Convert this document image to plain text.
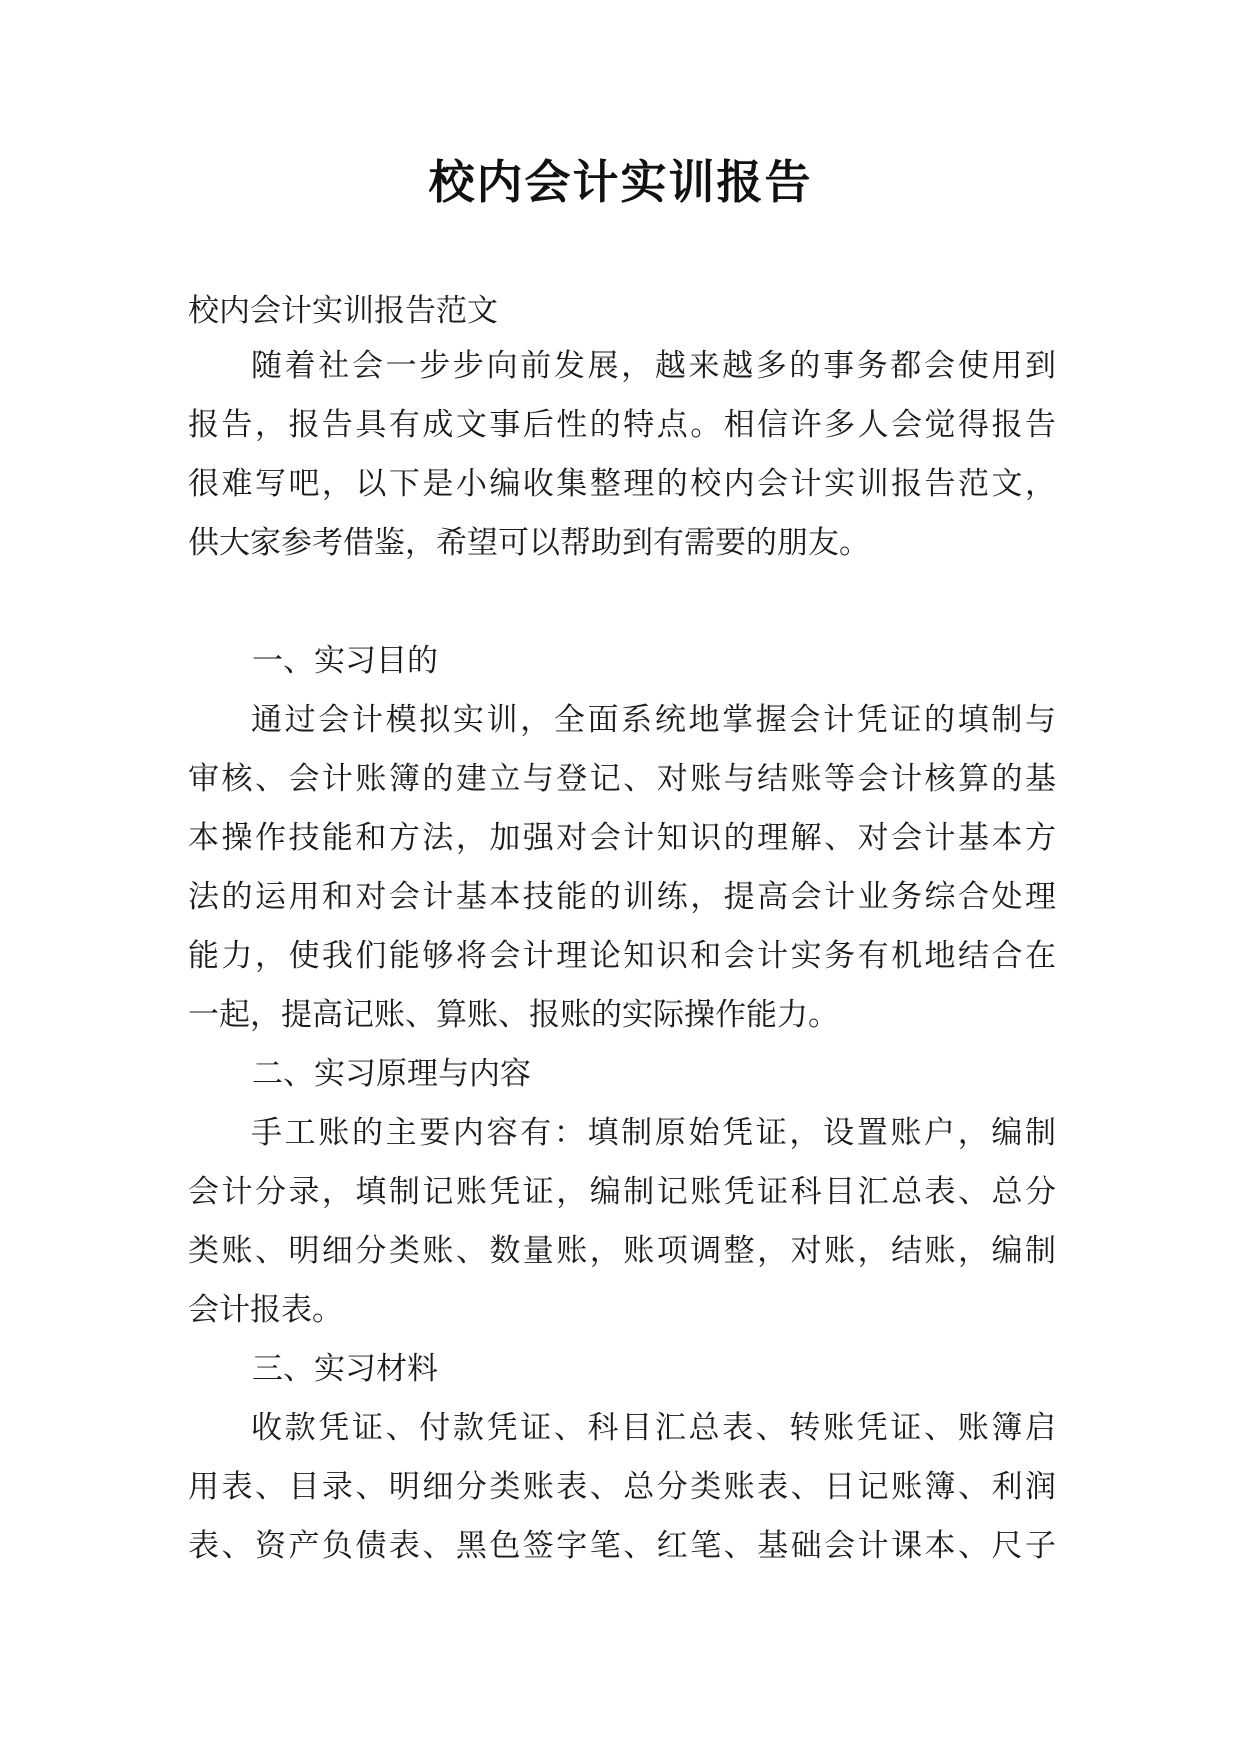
校内会计实训报告
校内会计实训报告范文
随着社会一步步向前发展，越来越多的事务都会使用到
报告，报告具有成文事后性的特点。相信许多人会觉得报告
很难写吧，以下是小编收集整理的校内会计实训报告范文，
供大家参考借鉴，希望可以帮助到有需要的朋友。
一、实习目的
通过会计模拟实训，全面系统地掌握会计凭证的填制与
审核、会计账簿的建立与登记、对账与结账等会计核算的基
本操作技能和方法，加强对会计知识的理解、对会计基本方
法的运用和对会计基本技能的训练，提高会计业务综合处理
能力，使我们能够将会计理论知识和会计实务有机地结合在
一起，提高记账、算账、报账的实际操作能力。
二、实习原理与内容
手工账的主要内容有：填制原始凭证，设置账户，编制
会计分录，填制记账凭证，编制记账凭证科目汇总表、总分
类账、明细分类账、数量账，账项调整，对账，结账，编制
会计报表。
三、实习材料
收款凭证、付款凭证、科目汇总表、转账凭证、账簿启
用表、目录、明细分类账表、总分类账表、日记账簿、利润
表、资产负债表、黑色签字笔、红笔、基础会计课本、尺子
